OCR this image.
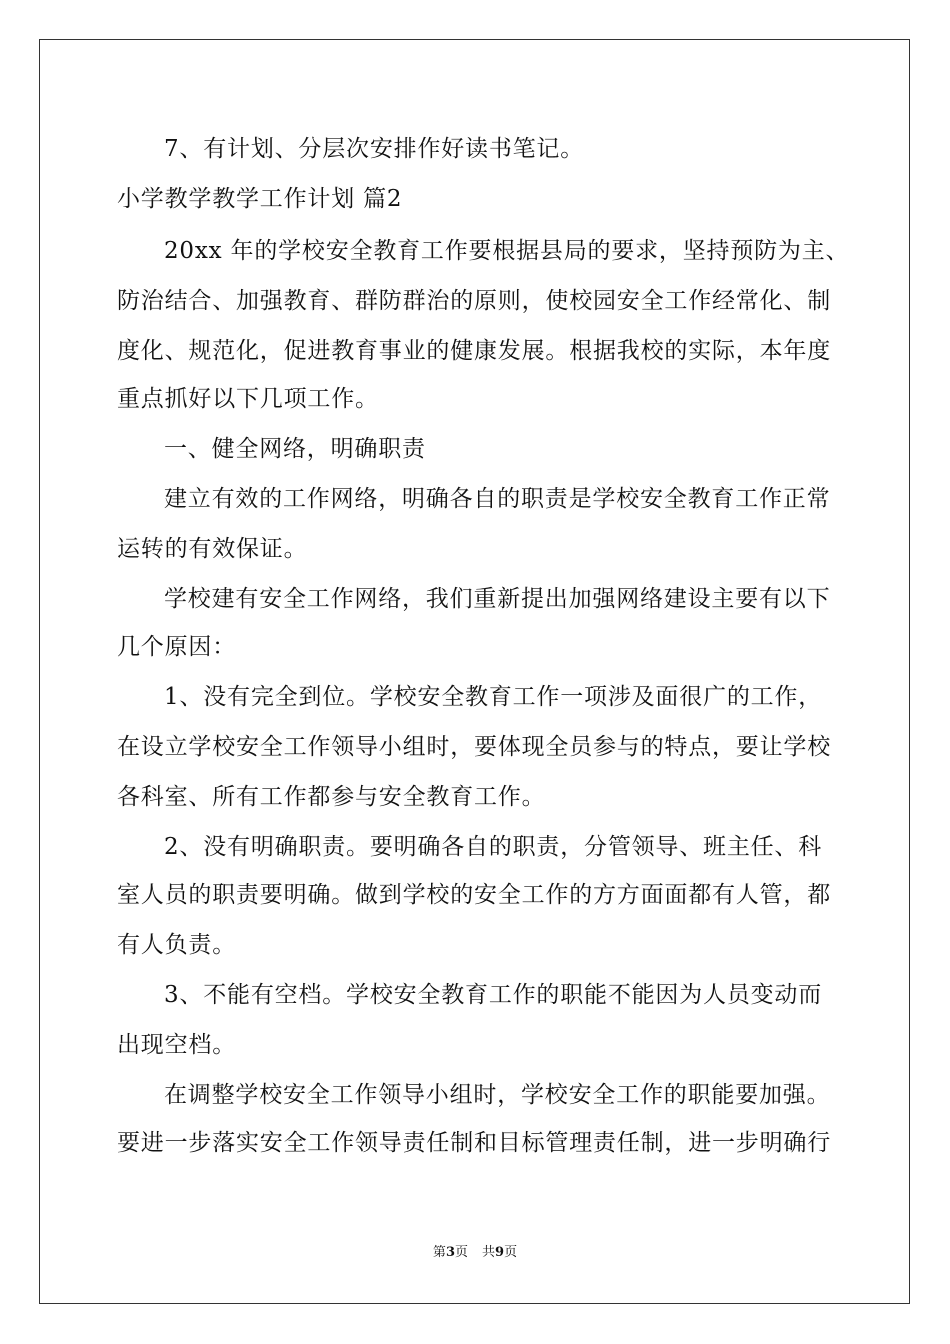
7、有计划、分层次安排作好读书笔记。
小学教学教学工作计划 篇2
20xx 年的学校安全教育工作要根据县局的要求，坚持预防为主、
防治结合、加强教育、群防群治的原则，使校园安全工作经常化、制
度化、规范化，促进教育事业的健康发展。根据我校的实际，本年度
重点抓好以下几项工作。
一、健全网络，明确职责
建立有效的工作网络，明确各自的职责是学校安全教育工作正常
运转的有效保证。
学校建有安全工作网络，我们重新提出加强网络建设主要有以下
几个原因：
1、没有完全到位。学校安全教育工作一项涉及面很广的工作，
在设立学校安全工作领导小组时，要体现全员参与的特点，要让学校
各科室、所有工作都参与安全教育工作。
2、没有明确职责。要明确各自的职责，分管领导、班主任、科
室人员的职责要明确。做到学校的安全工作的方方面面都有人管，都
有人负责。
3、不能有空档。学校安全教育工作的职能不能因为人员变动而
出现空档。
在调整学校安全工作领导小组时，学校安全工作的职能要加强。
要进一步落实安全工作领导责任制和目标管理责任制，进一步明确行
第3页 共9页
